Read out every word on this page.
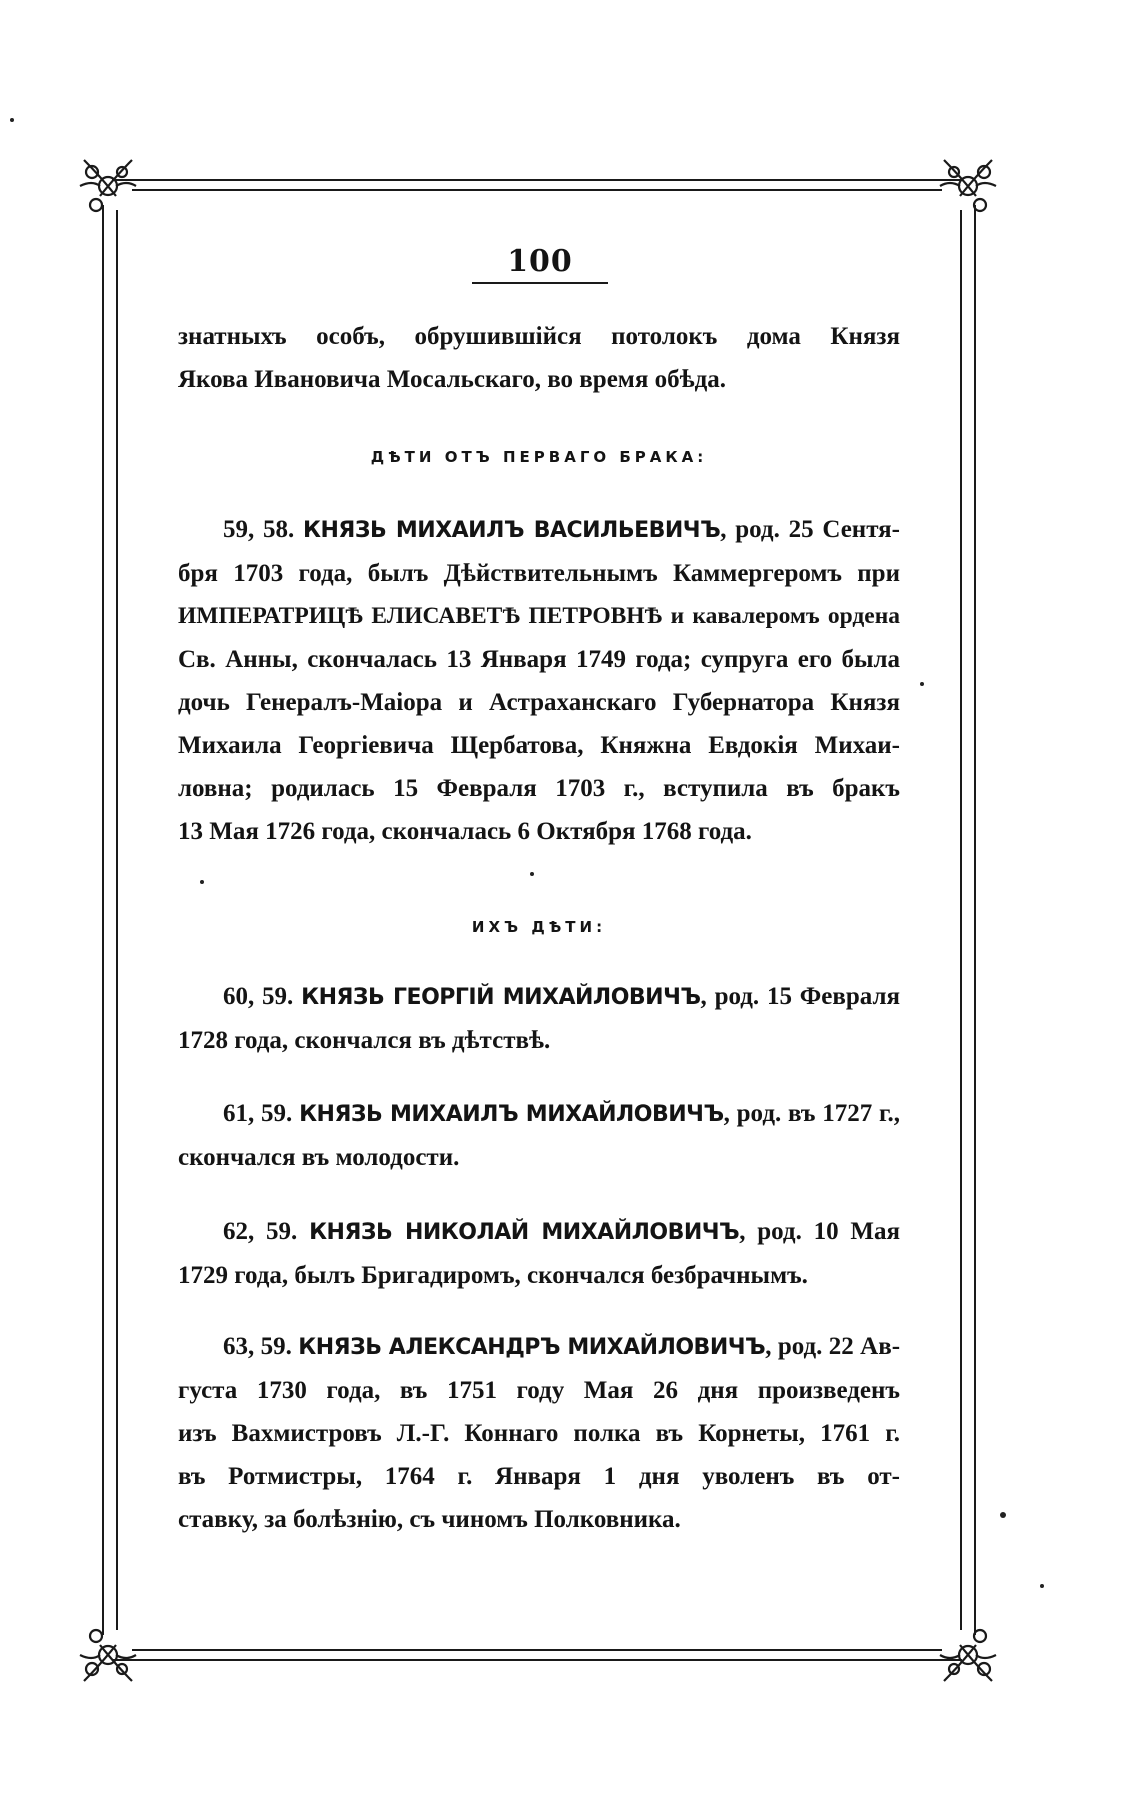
100
знатныхъ особъ, обрушившійся потолокъ дома Князя
Якова Ивановича Мосальскаго, во время обѣда.
ДѢТИ ОТЪ ПЕРВАГО БРАКА:
59, 58. КНЯЗЬ МИХАИЛЪ ВАСИЛЬЕВИЧЪ, род. 25 Сентя-
бря 1703 года, былъ Дѣйствительнымъ Каммергеромъ при
ИМПЕРАТРИЦѢ ЕЛИСАВЕТѢ ПЕТРОВНѢ и кавалеромъ ордена
Св. Анны, скончалась 13 Января 1749 года; супруга его была
дочь Генералъ-Маіора и Астраханскаго Губернатора Князя
Михаила Георгіевича Щербатова, Княжна Евдокія Михаи-
ловна; родилась 15 Февраля 1703 г., вступила въ бракъ
13 Мая 1726 года, скончалась 6 Октября 1768 года.
ИХЪ ДѢТИ:
60, 59. КНЯЗЬ ГЕОРГІЙ МИХАЙЛОВИЧЪ, род. 15 Февраля
1728 года, скончался въ дѣтствѣ.
61, 59. КНЯЗЬ МИХАИЛЪ МИХАЙЛОВИЧЪ, род. въ 1727 г.,
скончался въ молодости.
62, 59. КНЯЗЬ НИКОЛАЙ МИХАЙЛОВИЧЪ, род. 10 Мая
1729 года, былъ Бригадиромъ, скончался безбрачнымъ.
63, 59. КНЯЗЬ АЛЕКСАНДРЪ МИХАЙЛОВИЧЪ, род. 22 Ав-
густа 1730 года, въ 1751 году Мая 26 дня произведенъ
изъ Вахмистровъ Л.-Г. Коннаго полка въ Корнеты, 1761 г.
въ Ротмистры, 1764 г. Января 1 дня уволенъ въ от-
ставку, за болѣзнію, съ чиномъ Полковника.
